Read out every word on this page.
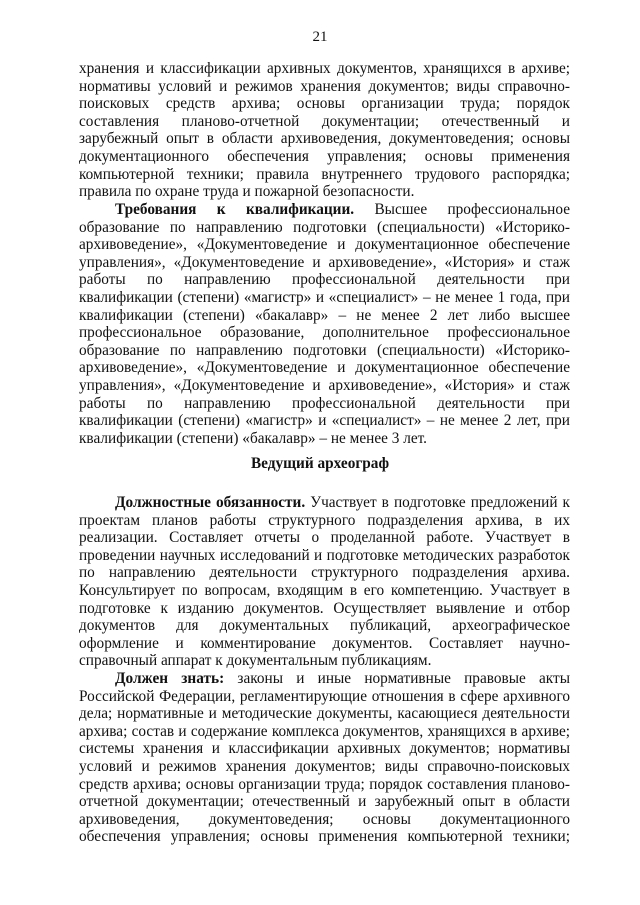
21
хранения и классификации архивных документов, хранящихся в архиве;
нормативы условий и режимов хранения документов; виды справочно-
поисковых средств архива; основы организации труда; порядок
составления планово-отчетной документации; отечественный и
зарубежный опыт в области архивоведения, документоведения; основы
документационного обеспечения управления; основы применения
компьютерной техники; правила внутреннего трудового распорядка;
правила по охране труда и пожарной безопасности.
Требования к квалификации. Высшее профессиональное
образование по направлению подготовки (специальности) «Историко-
архивоведение», «Документоведение и документационное обеспечение
управления», «Документоведение и архивоведение», «История» и стаж
работы по направлению профессиональной деятельности при
квалификации (степени) «магистр» и «специалист» – не менее 1 года, при
квалификации (степени) «бакалавр» – не менее 2 лет либо высшее
профессиональное образование, дополнительное профессиональное
образование по направлению подготовки (специальности) «Историко-
архивоведение», «Документоведение и документационное обеспечение
управления», «Документоведение и архивоведение», «История» и стаж
работы по направлению профессиональной деятельности при
квалификации (степени) «магистр» и «специалист» – не менее 2 лет, при
квалификации (степени) «бакалавр» – не менее 3 лет.
Ведущий археограф
Должностные обязанности. Участвует в подготовке предложений к
проектам планов работы структурного подразделения архива, в их
реализации. Составляет отчеты о проделанной работе. Участвует в
проведении научных исследований и подготовке методических разработок
по направлению деятельности структурного подразделения архива.
Консультирует по вопросам, входящим в его компетенцию. Участвует в
подготовке к изданию документов. Осуществляет выявление и отбор
документов для документальных публикаций, археографическое
оформление и комментирование документов. Составляет научно-
справочный аппарат к документальным публикациям.
Должен знать: законы и иные нормативные правовые акты
Российской Федерации, регламентирующие отношения в сфере архивного
дела; нормативные и методические документы, касающиеся деятельности
архива; состав и содержание комплекса документов, хранящихся в архиве;
системы хранения и классификации архивных документов; нормативы
условий и режимов хранения документов; виды справочно-поисковых
средств архива; основы организации труда; порядок составления планово-
отчетной документации; отечественный и зарубежный опыт в области
архивоведения, документоведения; основы документационного
обеспечения управления; основы применения компьютерной техники;
